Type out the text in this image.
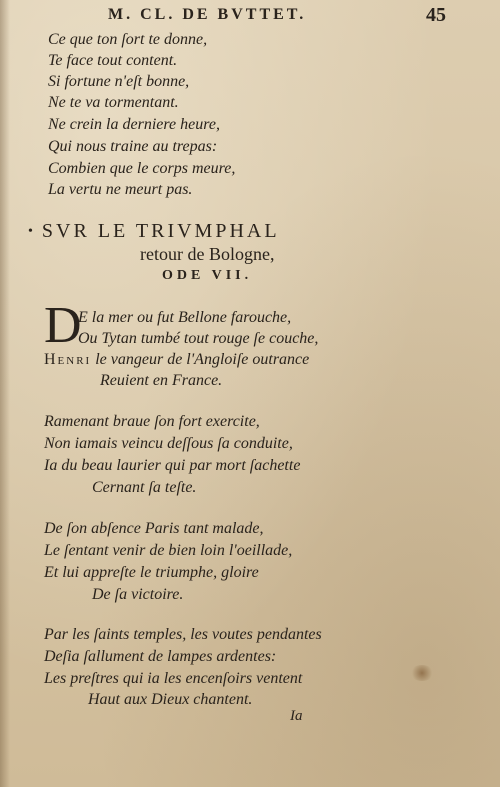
M. CL. DE BVTTET.	45
Ce que ton ſort te donne,
Te face tout content.
Si fortune n'eſt bonne,
Ne te va tormentant.
Ne crein la derniere heure,
Qui nous traine au trepas:
Combien que le corps meure,
La vertu ne meurt pas.
• SVR LE TRIVMPHAL
retour de Bologne,
ODE VII.
D
E la mer ou fut Bellone farouche,
Ou Tytan tumbé tout rouge ſe couche,
Henri le vangeur de l'Angloiſe outrance
Reuient en France.
Ramenant braue ſon fort exercite,
Non iamais veincu deſſous ſa conduite,
Ia du beau laurier qui par mort ſachette
Cernant ſa teſte.
De ſon abſence Paris tant malade,
Le ſentant venir de bien loin l'oeillade,
Et lui appreſte le triumphe, gloire
De ſa victoire.
Par les ſaints temples, les voutes pendantes
Deſia ſallument de lampes ardentes:
Les preſtres qui ia les encenſoirs ventent
Haut aux Dieux chantent.
Ia
